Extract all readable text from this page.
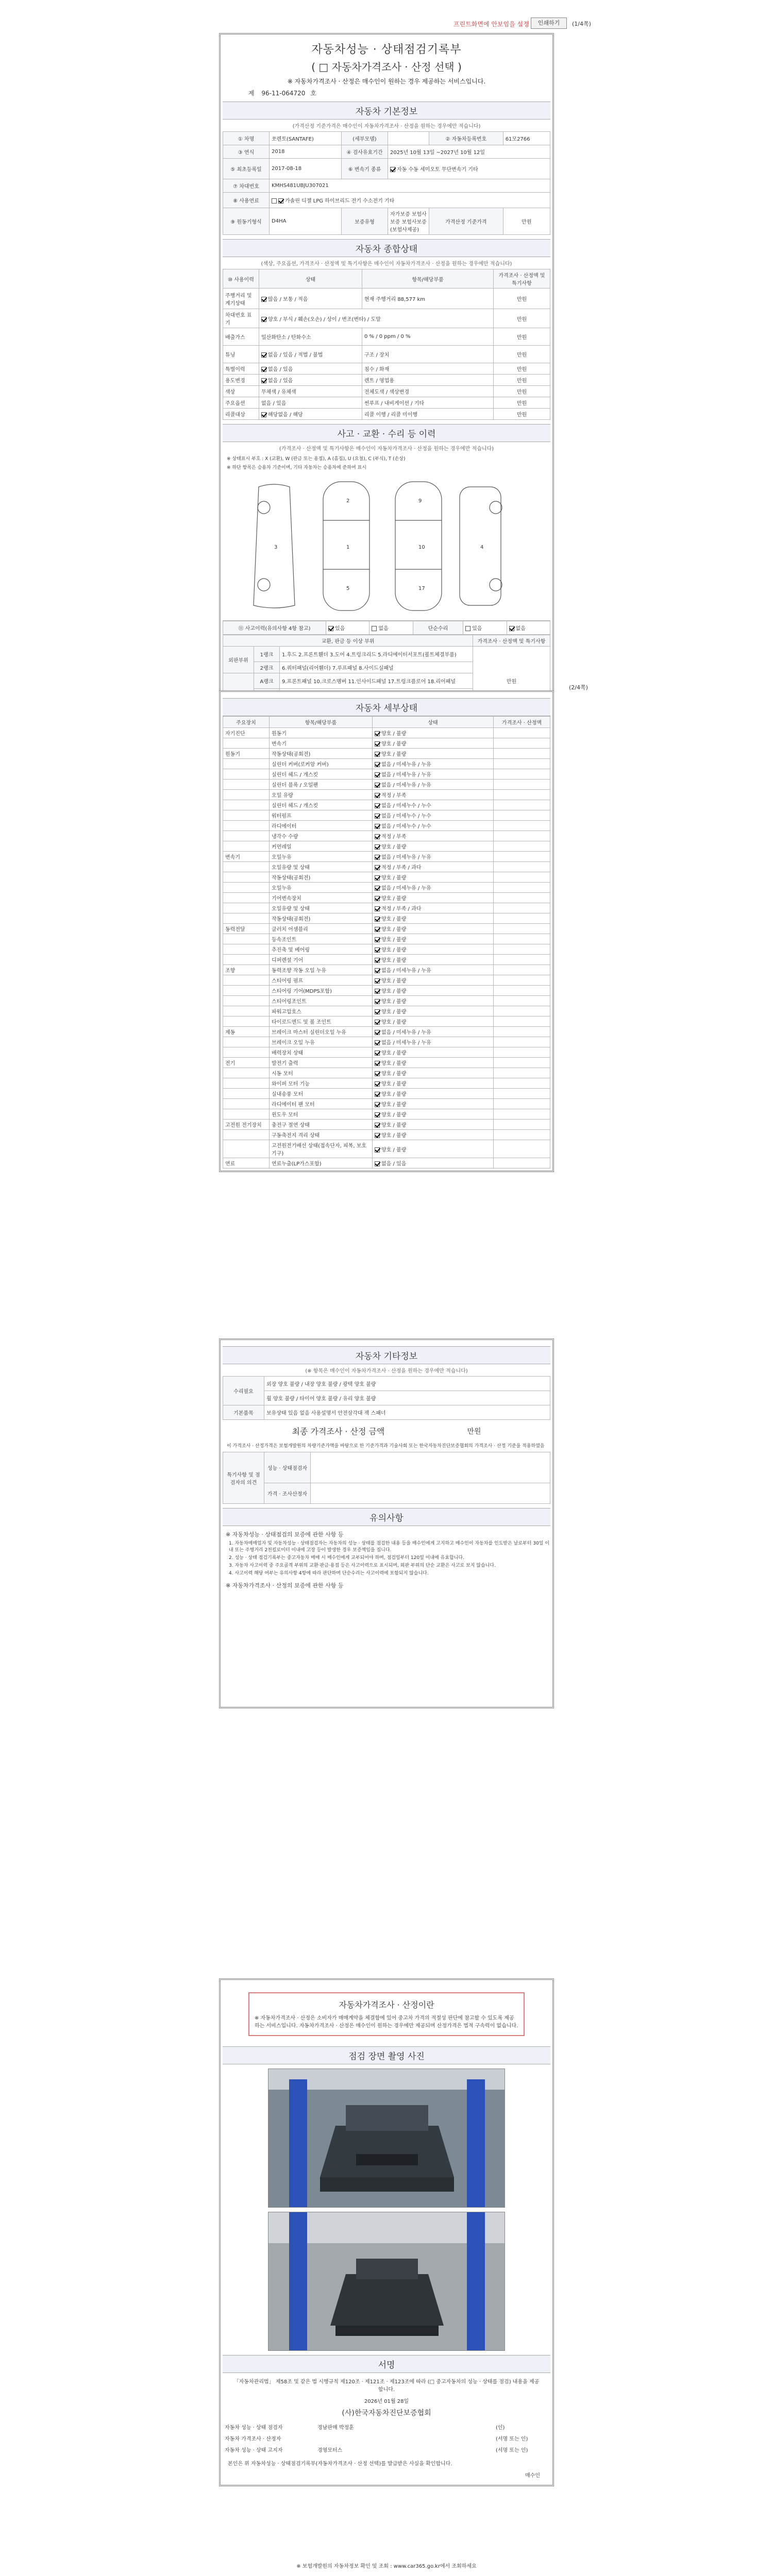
프린트화면에 안보임을 설정	인쇄하기	(1/4쪽)
자동차성능 · 상태점검기록부
( □ 자동차가격조사 · 산정 선택 )
※ 자동차가격조사 · 산정은 매수인이 원하는 경우 제공하는 서비스입니다.
제 96-11-064720 호
자동차 기본정보
(가격산정 기준가격은 매수인이 자동차가격조사 · 산정을 원하는 경우에만 적습니다)
① 차명	쏘렌토(SANTAFE)	(세부모델)		② 자동차등록번호	61모2766
③ 연식	2018	④ 검사유효기간	2025년 10월 13일 ~2027년 10월 12일		
⑤ 최초등록일	2017-08-18	⑥ 변속기 종류	자동 수동 세미오토 무단변속기 기타		
⑦ 차대번호	KMHS481UBJU307021				
⑧ 사용연료	가솔린 디젤 LPG 하이브리드 전기 수소전기 기타				
⑨ 원동기형식	D4HA	보증유형	자가보증 보험사보증 보험사보증 (보험사제공)	가격산정 기준가격	만원
자동차 종합상태
(색상, 주요옵션, 가격조사 · 산정액 및 특기사항은 매수인이 자동차가격조사 · 산정을 원하는 경우에만 적습니다)
⑩ 사용이력	상태	항목/해당부품	가격조사 · 산정액 및 특기사항
주행거리 및 계기상태	많음 / 보통 / 적음	현재 주행거리 88,577 km	만원
차대번호 표기	양호 / 부식 / 훼손(오손) / 상이 / 변조(변타) / 도말		만원
배출가스	일산화탄소 / 탄화수소	0 % / 0 ppm / 0 %	만원
튜닝	없음 / 있음 / 적법 / 불법	구조 / 장치	만원
특별이력	없음 / 있음	침수 / 화재	만원
용도변경	없음 / 있음	렌트 / 영업용	만원
색상	무채색 / 유채색	전체도색 / 색상변경	만원
주요옵션	없음 / 있음	썬루프 / 내비게이션 / 기타	만원
리콜대상	해당없음 / 해당	리콜 이행 / 리콜 미이행	만원
사고 · 교환 · 수리 등 이력
(가격조사 · 산정액 및 특기사항은 매수인이 자동차가격조사 · 산정을 원하는 경우에만 적습니다)
※ 상태표시 부호 : X (교환), W (판금 또는 용접), A (흠집), U (요철), C (부식), T (손상)
※ 하단 항목은 승용차 기준이며, 기타 자동차는 승용차에 준하여 표시
3
2
1	10
17
4
5
9
⑪ 사고이력(유의사항 4항 참고)	있음	없음	단순수리	있음	없음
교환, 판금 등 이상 부위			가격조사 · 산정액 및 특기사항
외판부위	1랭크	1.후드 2.프론트휀더 3.도어 4.트렁크리드 5.라디에이터서포트(볼트체결부품)	만원
	2랭크	6.쿼터패널(리어휀더) 7.루프패널 8.사이드실패널	
	A랭크	9.프론트패널 10.크로스멤버 11.인사이드패널 17.트렁크플로어 18.리어패널	

(2/4쪽)
자동차 세부상태
주요장치	항목/해당부품	상태	가격조사 · 산정액
자기진단	원동기	양호 / 불량	
	변속기	양호 / 불량	
원동기	작동상태(공회전)	양호 / 불량	
	실린더 커버(로커암 커버)	없음 / 미세누유 / 누유	
	실린더 헤드 / 개스킷	없음 / 미세누유 / 누유	
	실린더 블록 / 오일팬	없음 / 미세누유 / 누유	
	오일 유량	적정 / 부족	
	실린더 헤드 / 개스킷	없음 / 미세누수 / 누수	
	워터펌프	없음 / 미세누수 / 누수	
	라디에이터	없음 / 미세누수 / 누수	
	냉각수 수량	적정 / 부족	
	커먼레일	양호 / 불량	
변속기	오일누유	없음 / 미세누유 / 누유	
	오일유량 및 상태	적정 / 부족 / 과다	
	작동상태(공회전)	양호 / 불량	
	오일누유	없음 / 미세누유 / 누유	
	기어변속장치	양호 / 불량	
	오일유량 및 상태	적정 / 부족 / 과다	
	작동상태(공회전)	양호 / 불량	
동력전달	클러치 어셈블리	양호 / 불량	
	등속조인트	양호 / 불량	
	추진축 및 베어링	양호 / 불량	
	디퍼렌셜 기어	양호 / 불량	
조향	동력조향 작동 오일 누유	없음 / 미세누유 / 누유	
	스티어링 펌프	양호 / 불량	
	스티어링 기어(MDPS포함)	양호 / 불량	
	스티어링조인트	양호 / 불량	
	파워고압호스	양호 / 불량	
	타이로드엔드 및 볼 조인트	양호 / 불량	
제동	브레이크 마스터 실린더오일 누유	없음 / 미세누유 / 누유	
	브레이크 오일 누유	없음 / 미세누유 / 누유	
	배력장치 상태	양호 / 불량	
전기	발전기 출력	양호 / 불량	
	시동 모터	양호 / 불량	
	와이퍼 모터 기능	양호 / 불량	
	실내송풍 모터	양호 / 불량	
	라디에이터 팬 모터	양호 / 불량	
	윈도우 모터	양호 / 불량	
고전원 전기장치	충전구 절연 상태	양호 / 불량	
	구동축전지 격리 상태	양호 / 불량	
	고전원전기배선 상태(접속단자, 피복, 보호기구)	양호 / 불량	
연료	연료누출(LP가스포함)	없음 / 있음	
자동차 기타정보
(※ 항목은 매수인이 자동차가격조사 · 산정을 원하는 경우에만 적습니다)
수리필요	외장 양호 불량 / 내장 양호 불량 / 광택 양호 불량
	휠 양호 불량 / 타이어 양호 불량 / 유리 양호 불량
기본품목	보유상태 있음 없음 사용설명서 안전삼각대 잭 스패너
최종 가격조사 · 산정 금액	만원
이 가격조사 · 산정가격은 보험개발원의 차량기준가액을 바탕으로 한 기준가격과 기술사회 또는 한국자동차진단보증협회의 가격조사 · 산정 기준을 적용하였음
특기사항 및 점검자의 의견	성능 · 상태점검자	
	가격 · 조사산정자	
유의사항
※ 자동차성능 · 상태점검의 보증에 관한 사항 등

1. 자동차매매업자 및 자동차성능 · 상태점검자는 자동차의 성능 · 상태를 점검한 내용 등을 매수인에게 고지하고 매수인이 자동차를 인도받은 날로부터 30일 이내 또는 주행거리 2천킬로미터 이내에 고장 등이 발생한 경우 보증책임을 집니다.

2. 성능 · 상태 점검기록부는 중고자동차 매매 시 매수인에게 교부되어야 하며, 점검일부터 120일 이내에 유효합니다.

3. 자동차 사고이력 중 주요골격 부위의 교환·판금·용접 등은 사고이력으로 표시되며, 외판 부위의 단순 교환은 사고로 보지 않습니다.

4. 사고이력 해당 여부는 유의사항 4항에 따라 판단하며 단순수리는 사고이력에 포함되지 않습니다.

※ 자동차가격조사 · 산정의 보증에 관한 사항 등
자동차가격조사 · 산정이란
※ 자동차가격조사 · 산정은 소비자가 매매계약을 체결함에 있어 중고차 가격의 적절성 판단에 참고할 수 있도록 제공하는 서비스입니다. 자동차가격조사 · 산정은 매수인이 원하는 경우에만 제공되며 산정가격은 법적 구속력이 없습니다.
점검 장면 촬영 사진
서명
「자동차관리법」 제58조 및 같은 법 시행규칙 제120조 · 제121조 · 제123조에 따라 (□ 중고자동차의 성능 · 상태를 점검) 내용을 제공합니다.
2026년 01월 28일
(사)한국자동차진단보증협회
자동차 성능 · 상태 점검자	경남판매 박정훈	(인)
자동차 가격조사 · 산정자		(서명 또는 인)
자동차 성능 · 상태 고지자	경영모터스	(서명 또는 인)
본인은 위 자동차성능 · 상태점검기록부(자동차가격조사 · 산정 선택)를 발급받은 사실을 확인합니다.
매수인
※ 보험개발원의 자동차정보 확인 및 조회 : www.car365.go.kr에서 조회하세요
